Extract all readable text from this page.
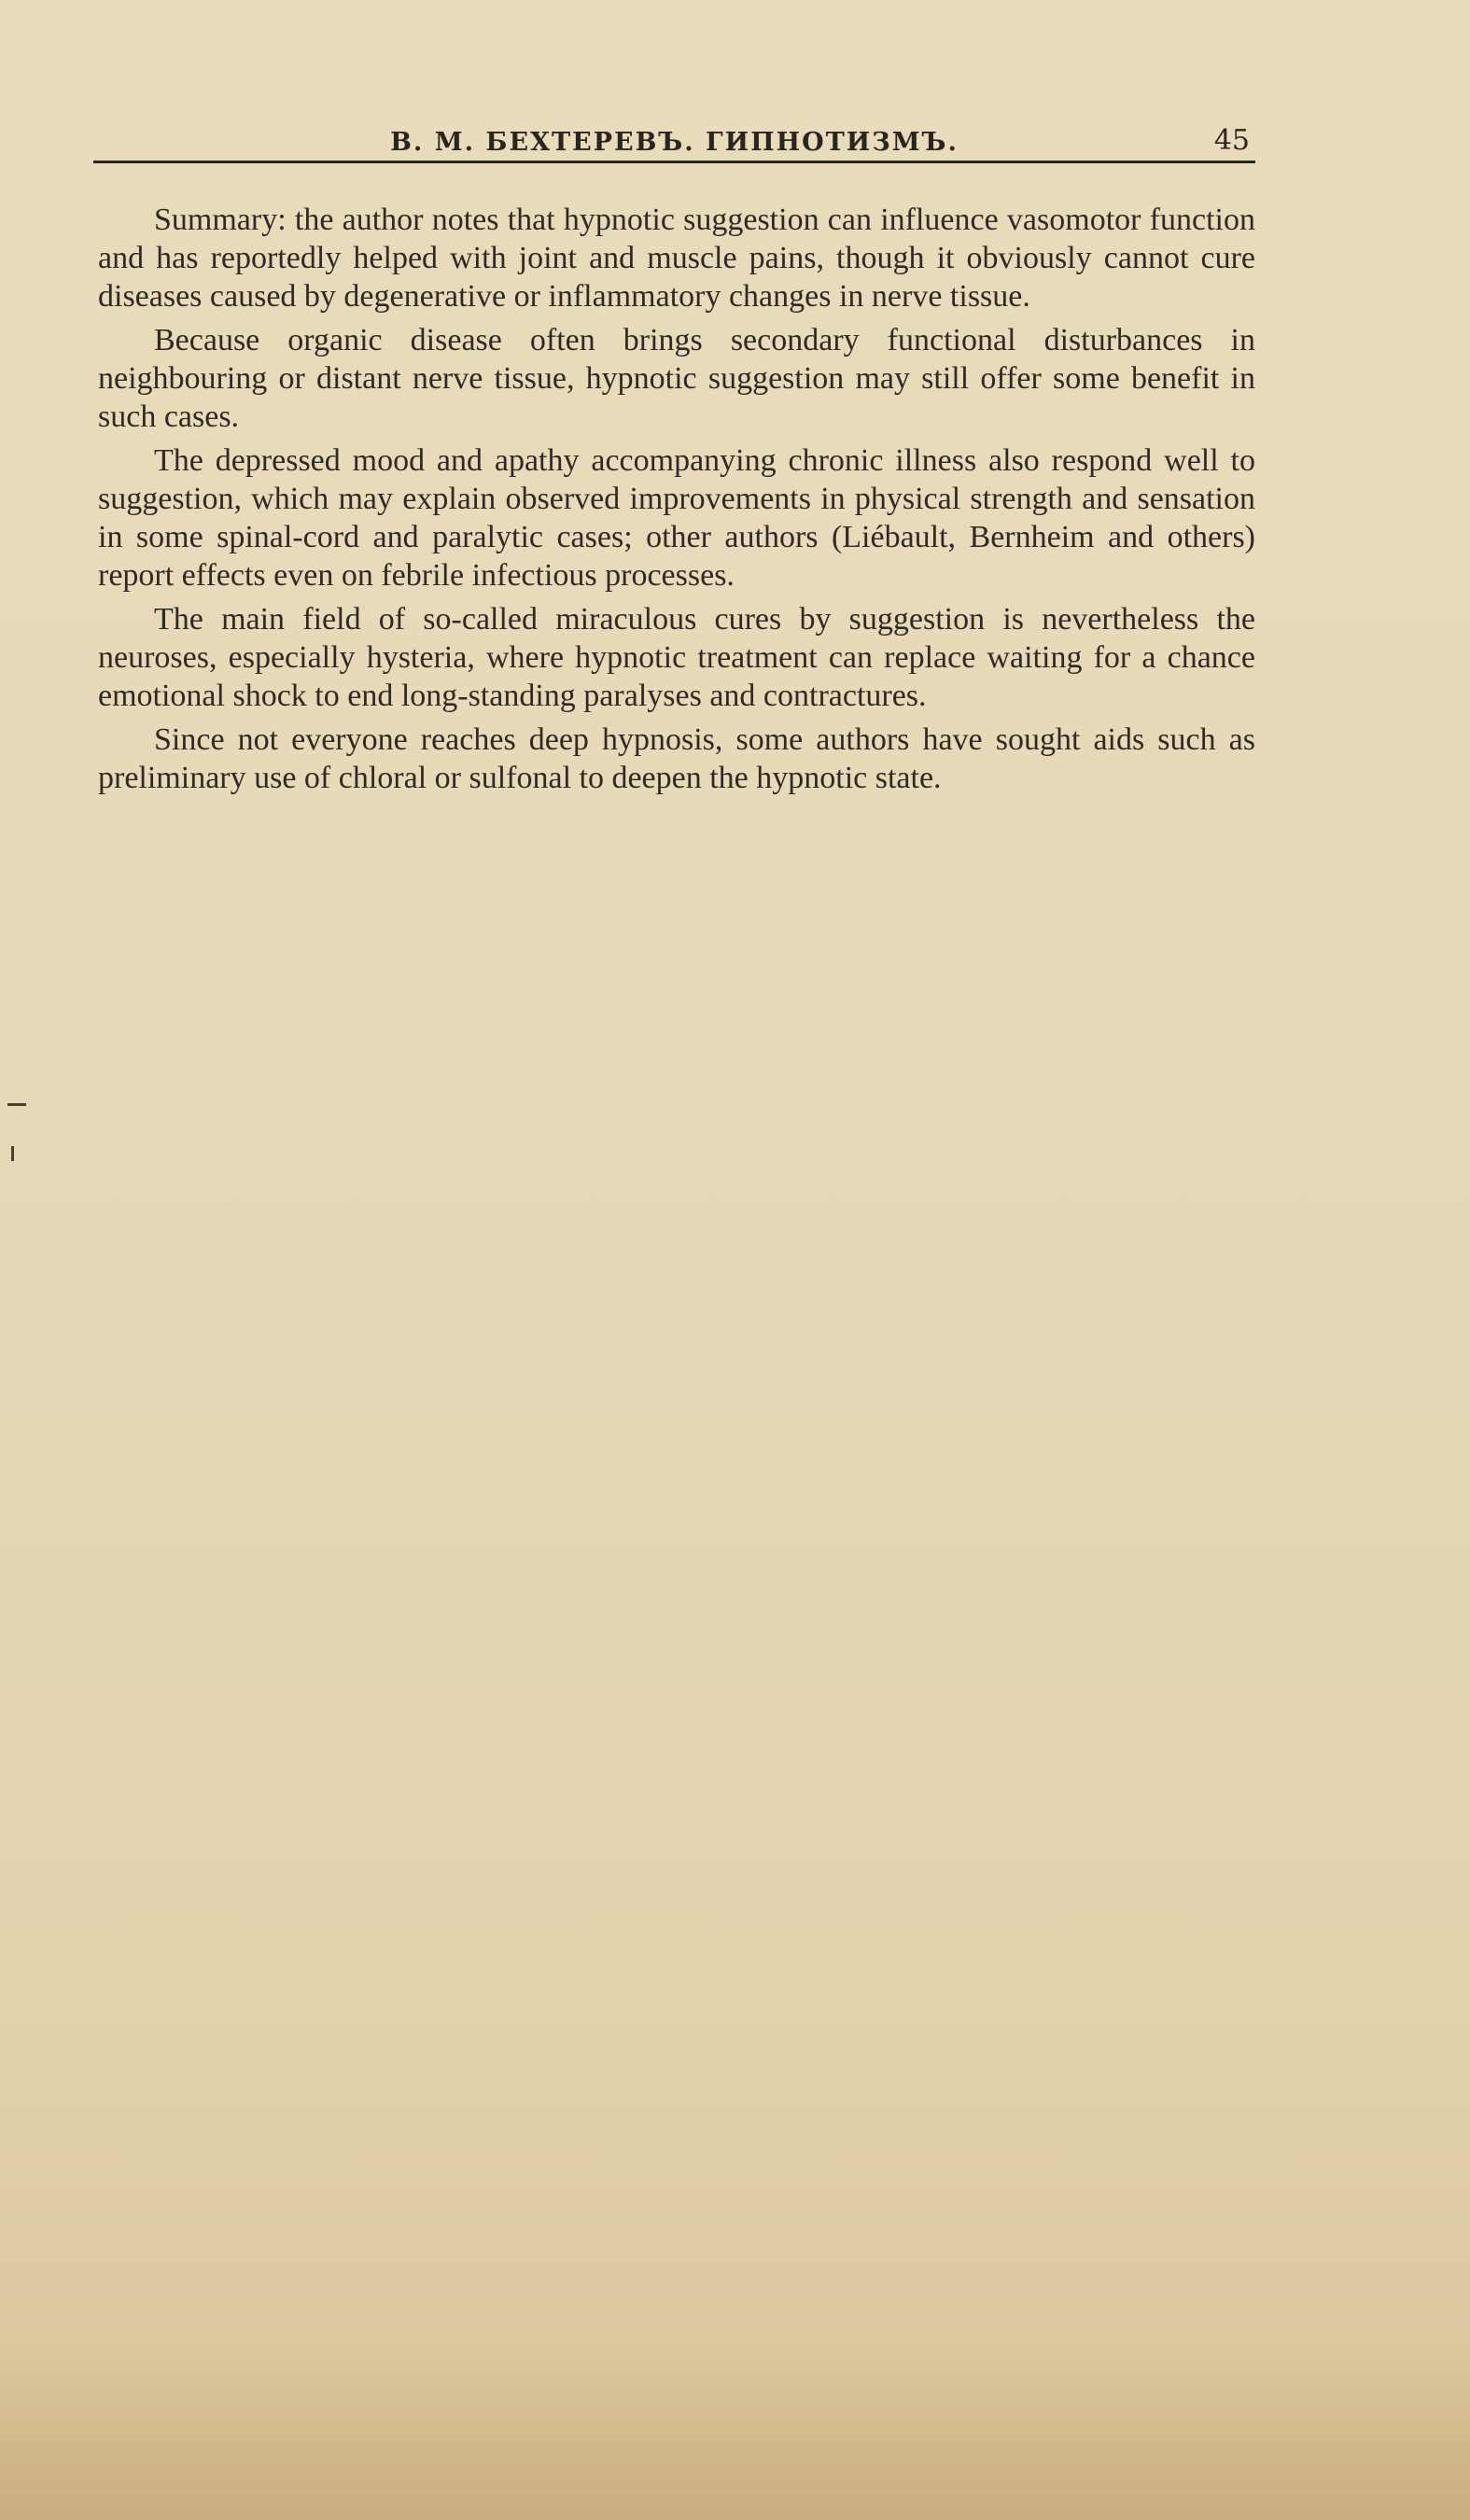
В. М. БЕХТЕРЕВЪ. ГИПНОТИЗМЪ.	45

Summary: the author notes that hypnotic suggestion can influence vasomotor function and has reportedly helped with joint and muscle pains, though it obviously cannot cure diseases caused by degenerative or inflammatory changes in nerve tissue.

Because organic disease often brings secondary functional disturbances in neighbouring or distant nerve tissue, hypnotic suggestion may still offer some benefit in such cases.

The depressed mood and apathy accompanying chronic illness also respond well to suggestion, which may explain observed improvements in physical strength and sensation in some spinal-cord and paralytic cases; other authors (Liébault, Bernheim and others) report effects even on febrile infectious processes.

The main field of so-called miraculous cures by suggestion is nevertheless the neuroses, especially hysteria, where hypnotic treatment can replace waiting for a chance emotional shock to end long-standing paralyses and contractures.

Since not everyone reaches deep hypnosis, some authors have sought aids such as preliminary use of chloral or sulfonal to deepen the hypnotic state.
